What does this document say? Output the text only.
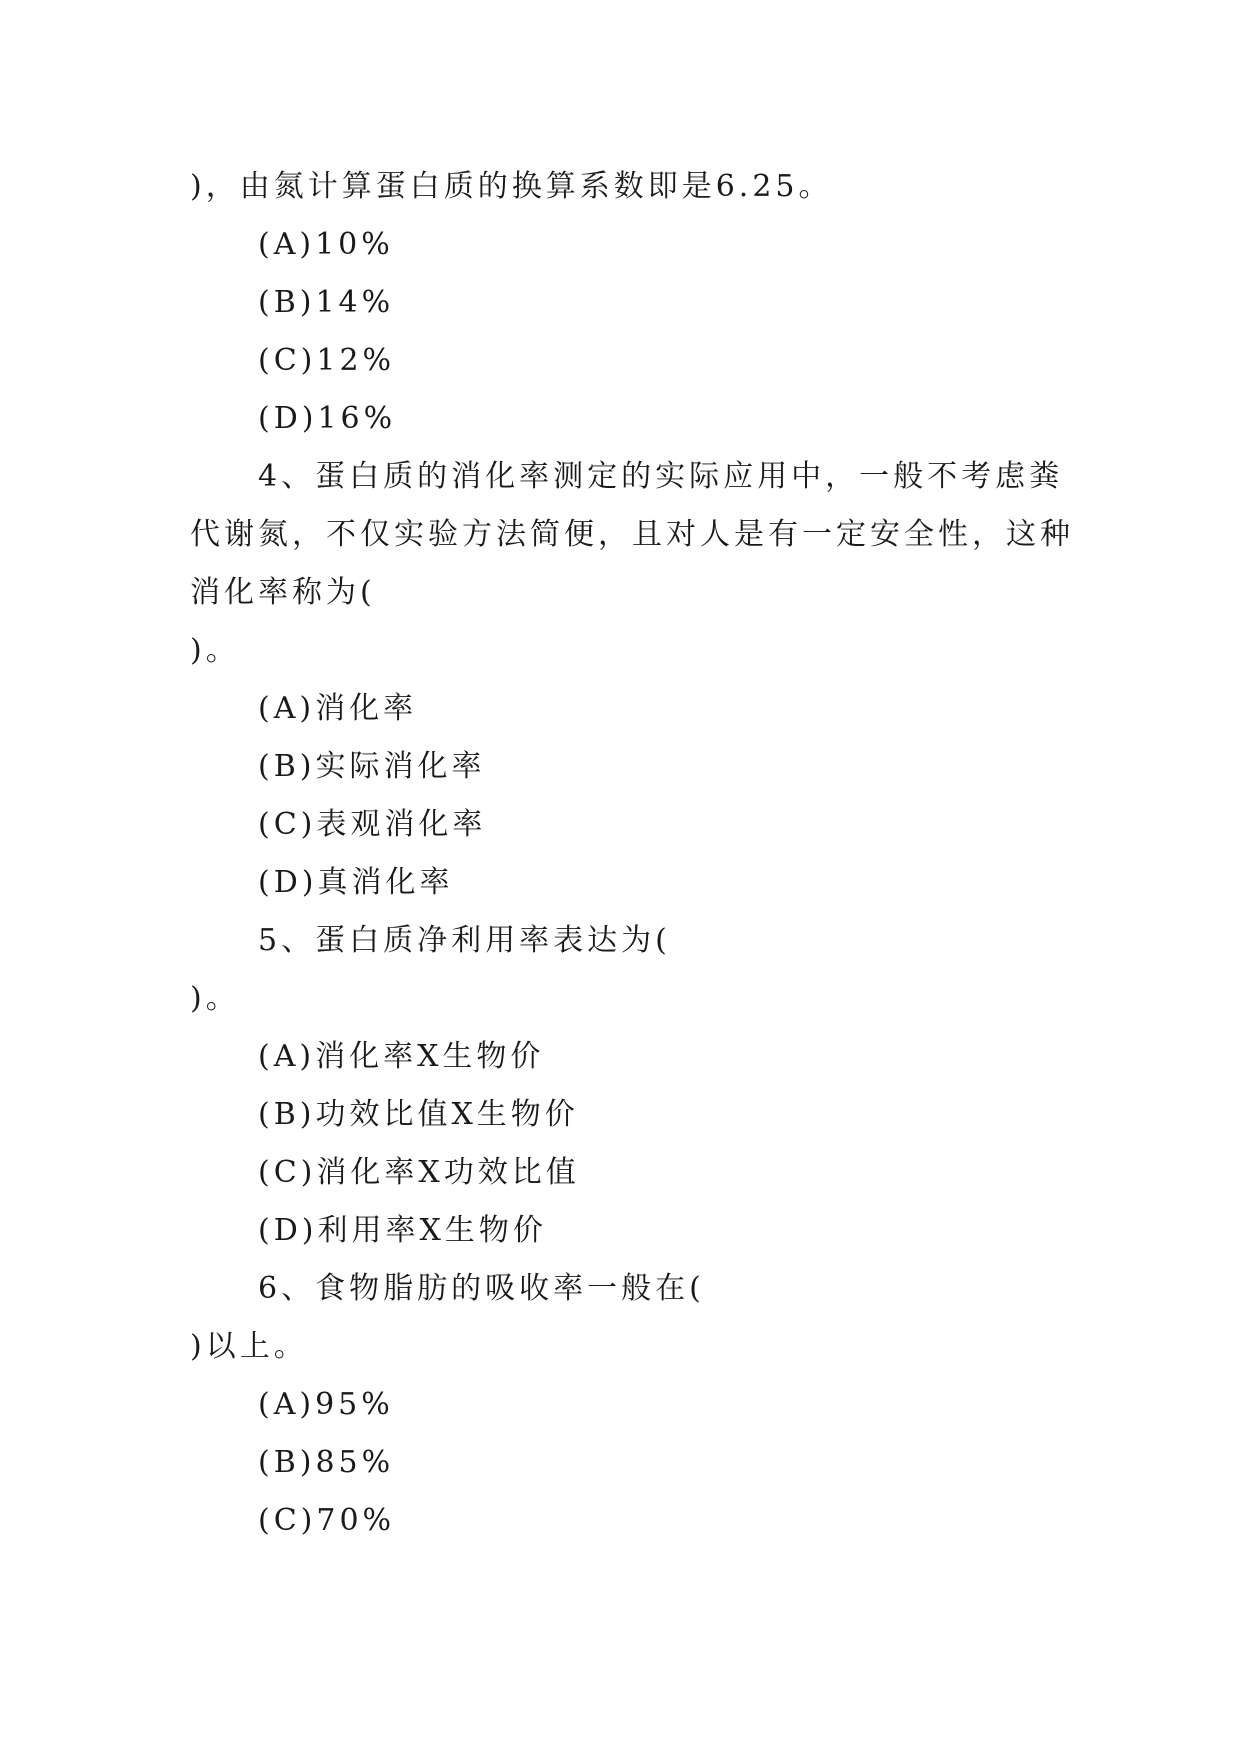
)，由氮计算蛋白质的换算系数即是6.25。
(A)10%
(B)14%
(C)12%
(D)16%
4、蛋白质的消化率测定的实际应用中，一般不考虑粪
代谢氮，不仅实验方法简便，且对人是有一定安全性，这种
消化率称为(
)。
(A)消化率
(B)实际消化率
(C)表观消化率
(D)真消化率
5、蛋白质净利用率表达为(
)。
(A)消化率X生物价
(B)功效比值X生物价
(C)消化率X功效比值
(D)利用率X生物价
6、食物脂肪的吸收率一般在(
)以上。
(A)95%
(B)85%
(C)70%
